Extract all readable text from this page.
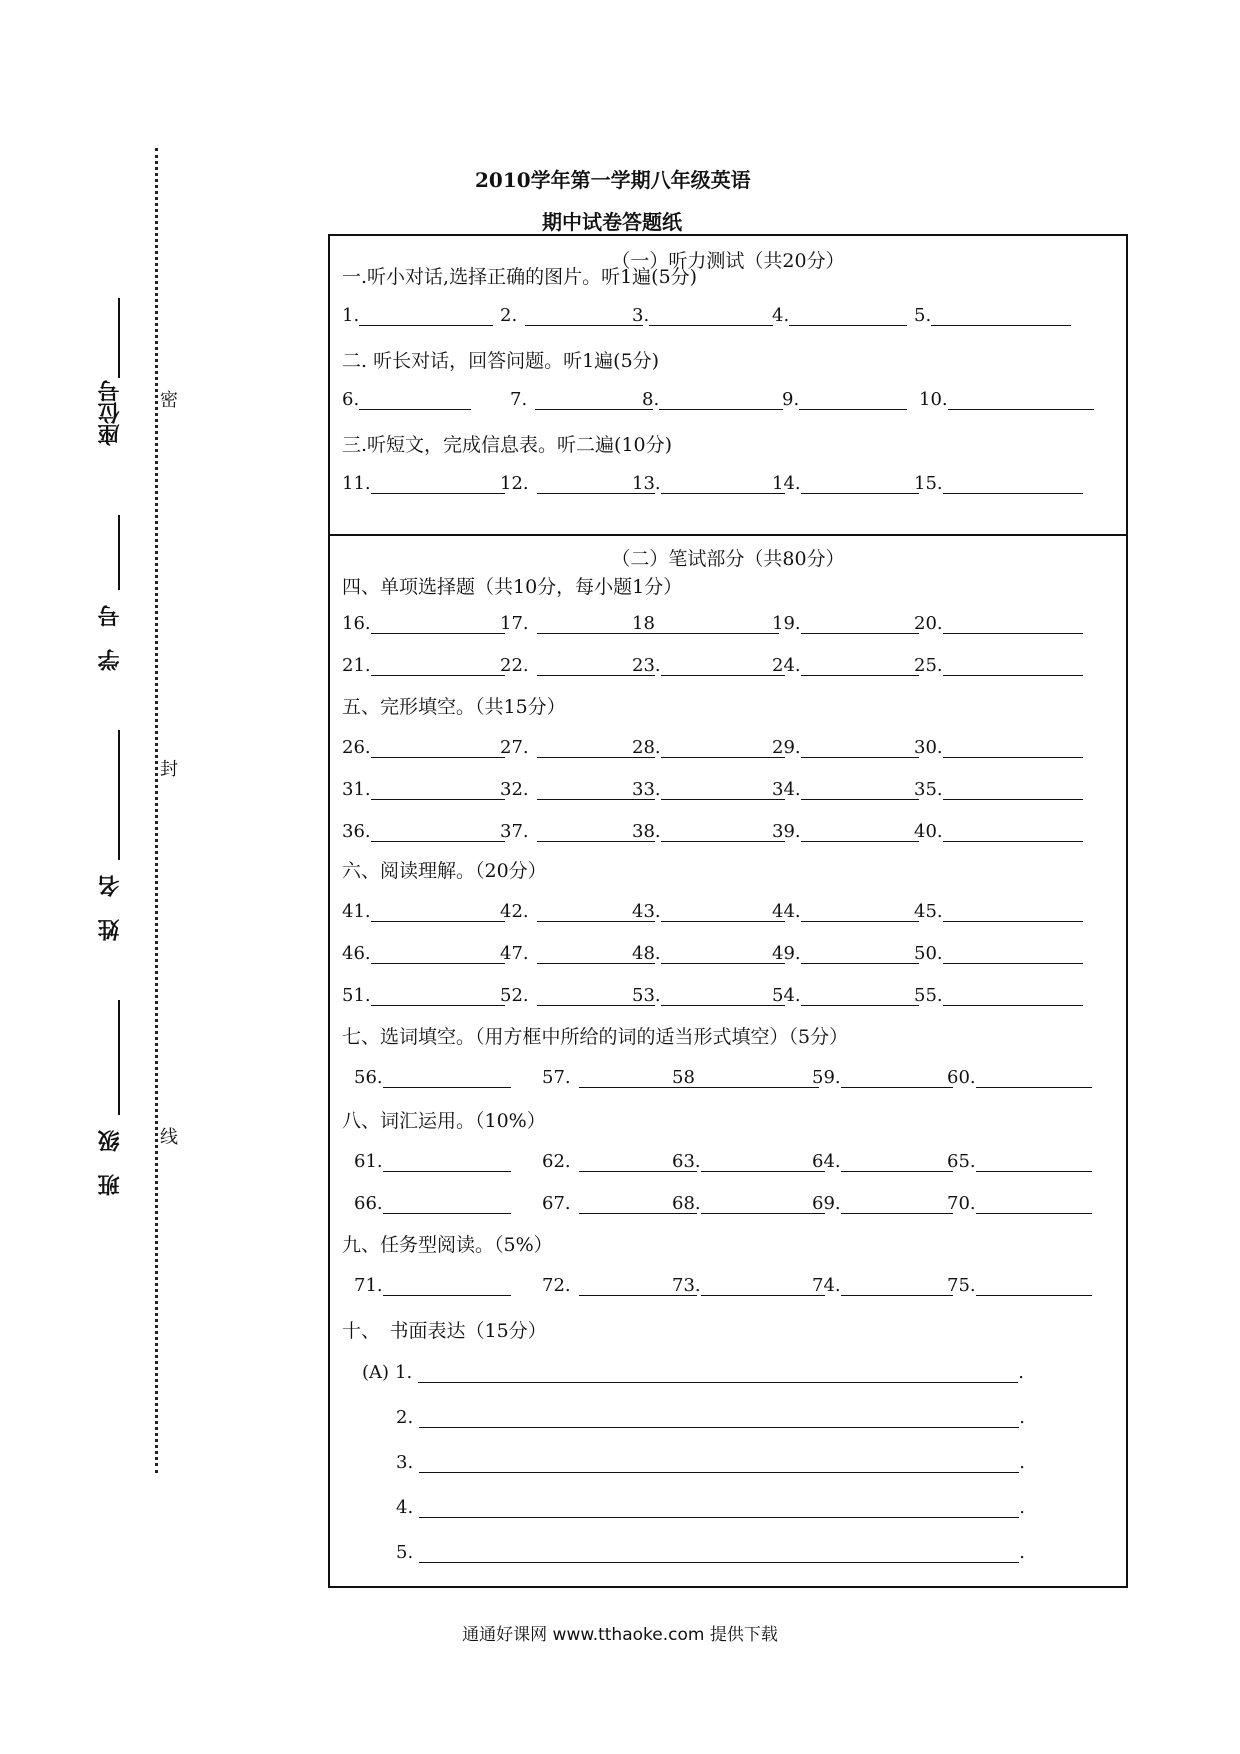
密
封
线
座位号
学　号
姓　名
班　级
2010学年第一学期八年级英语
期中试卷答题纸
（一）听力测试（共20分）
（二）笔试部分（共80分）
一.听小对话,选择正确的图片。听1遍(5分)
1.	2.	3.	4.	5.
二. 听长对话，回答问题。听1遍(5分)
6.	7.	8.	9.	10.
三.听短文，完成信息表。听二遍(10分)
11.	12.	13.	14.	15.
四、单项选择题（共10分，每小题1分）
16.	17.	18	19.	20.
21.	22.	23.	24.	25.
五、完形填空。（共15分）
26.	27.	28.	29.	30.
31.	32.	33.	34.	35.
36.	37.	38.	39.	40.
六、阅读理解。（20分）
41.	42.	43.	44.	45.
46.	47.	48.	49.	50.
51.	52.	53.	54.	55.
七、选词填空。（用方框中所给的词的适当形式填空）（5分）
56.	57.	58	59.	60.
八、词汇运用。（10%）
61.	62.	63.	64.	65.
66.	67.	68.	69.	70.
九、任务型阅读。（5%）
71.	72.	73.	74.	75.
十、　书面表达（15分）
(A) 1.	.
2.	.
3.	.
4.	.
5.	.
通通好课网 www.tthaoke.com 提供下载
